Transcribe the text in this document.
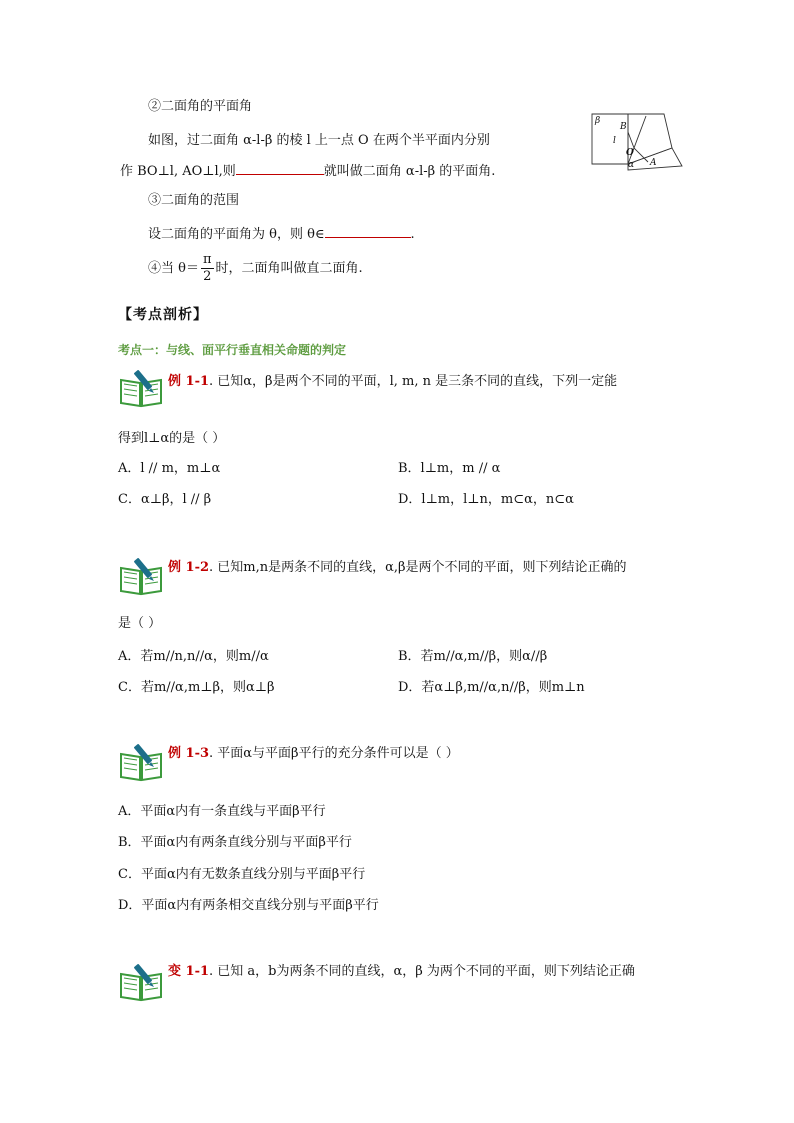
②二面角的平面角
如图，过二面角 α-l-β 的棱 l 上一点 O 在两个半平面内分别
作 BO⊥l, AO⊥l,则	就叫做二面角 α-l-β 的平面角.
β
B
l
O
α A
③二面角的范围
设二面角的平面角为 θ，则 θ∈	.
④当 $\theta= \frac{\pi}{2}$ 时，二面角叫做直二面角.
【考点剖析】
考点一：与线、面平行垂直相关命题的判定
例 1-1. 已知α，β是两个不同的平面，l, m, n 是三条不同的直线，下列一定能
得到l⊥α的是（ ）
A．l // m，m⊥α	B．l⊥m，m // α
C．α⊥β，l // β	D．l⊥m，l⊥n，m⊂α，n⊂α
例 1-2. 已知m,n是两条不同的直线，α,β是两个不同的平面，则下列结论正确的
是（ ）
A．若m//n,n//α，则m//α	B．若m//α,m//β，则α//β
C．若m//α,m⊥β，则α⊥β	D．若α⊥β,m//α,n//β，则m⊥n
例 1-3. 平面α与平面β平行的充分条件可以是（ ）
A．平面α内有一条直线与平面β平行
B．平面α内有两条直线分别与平面β平行
C．平面α内有无数条直线分别与平面β平行
D．平面α内有两条相交直线分别与平面β平行
变 1-1. 已知 a，b为两条不同的直线，α，β 为两个不同的平面，则下列结论正确
